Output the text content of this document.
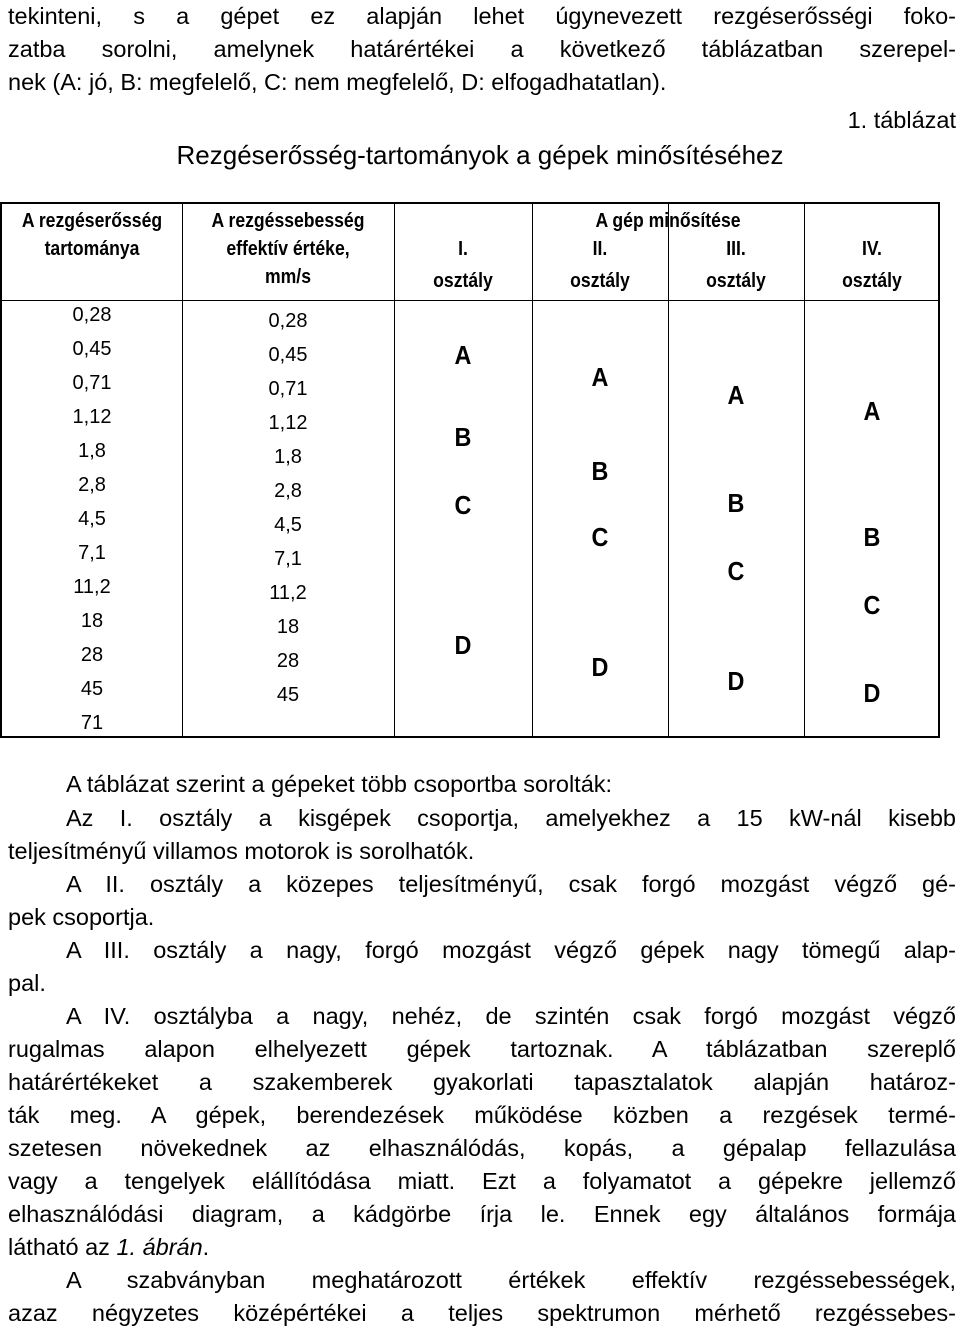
tekinteni, s a gépet ez alapján lehet úgynevezett rezgéserősségi foko-
zatba sorolni, amelynek határértékei a következő táblázatban szerepel-
nek (A: jó, B: megfelelő, C: nem megfelelő, D: elfogadhatatlan).
1. táblázat
Rezgéserősség-tartományok a gépek minősítéséhez
A rezgéserősség
tartománya
A rezgéssebesség
effektív értéke,
mm/s
A gép minősítése
I.
osztály
II.
osztály
III.
osztály
IV.
osztály
0,28
0,45
0,71
1,12
1,8
2,8
4,5
7,1
11,2
18
28
45
71
0,28
0,45
0,71
1,12
1,8
2,8
4,5
7,1
11,2
18
28
45
A
B
C
D
A
B
C
D
A
B
C
D
A
B
C
D
A táblázat szerint a gépeket több csoportba sorolták:
Az I. osztály a kisgépek csoportja, amelyekhez a 15 kW-nál kisebb
teljesítményű villamos motorok is sorolhatók.
A II. osztály a közepes teljesítményű, csak forgó mozgást végző gé-
pek csoportja.
A III. osztály a nagy, forgó mozgást végző gépek nagy tömegű alap-
pal.
A IV. osztályba a nagy, nehéz, de szintén csak forgó mozgást végző
rugalmas alapon elhelyezett gépek tartoznak. A táblázatban szereplő
határértékeket a szakemberek gyakorlati tapasztalatok alapján határoz-
ták meg. A gépek, berendezések működése közben a rezgések termé-
szetesen növekednek az elhasználódás, kopás, a gépalap fellazulása
vagy a tengelyek elállítódása miatt. Ezt a folyamatot a gépekre jellemző
elhasználódási diagram, a kádgörbe írja le. Ennek egy általános formája
látható az 1. ábrán.
A szabványban meghatározott értékek effektív rezgéssebességek,
azaz négyzetes középértékei a teljes spektrumon mérhető rezgéssebes-
